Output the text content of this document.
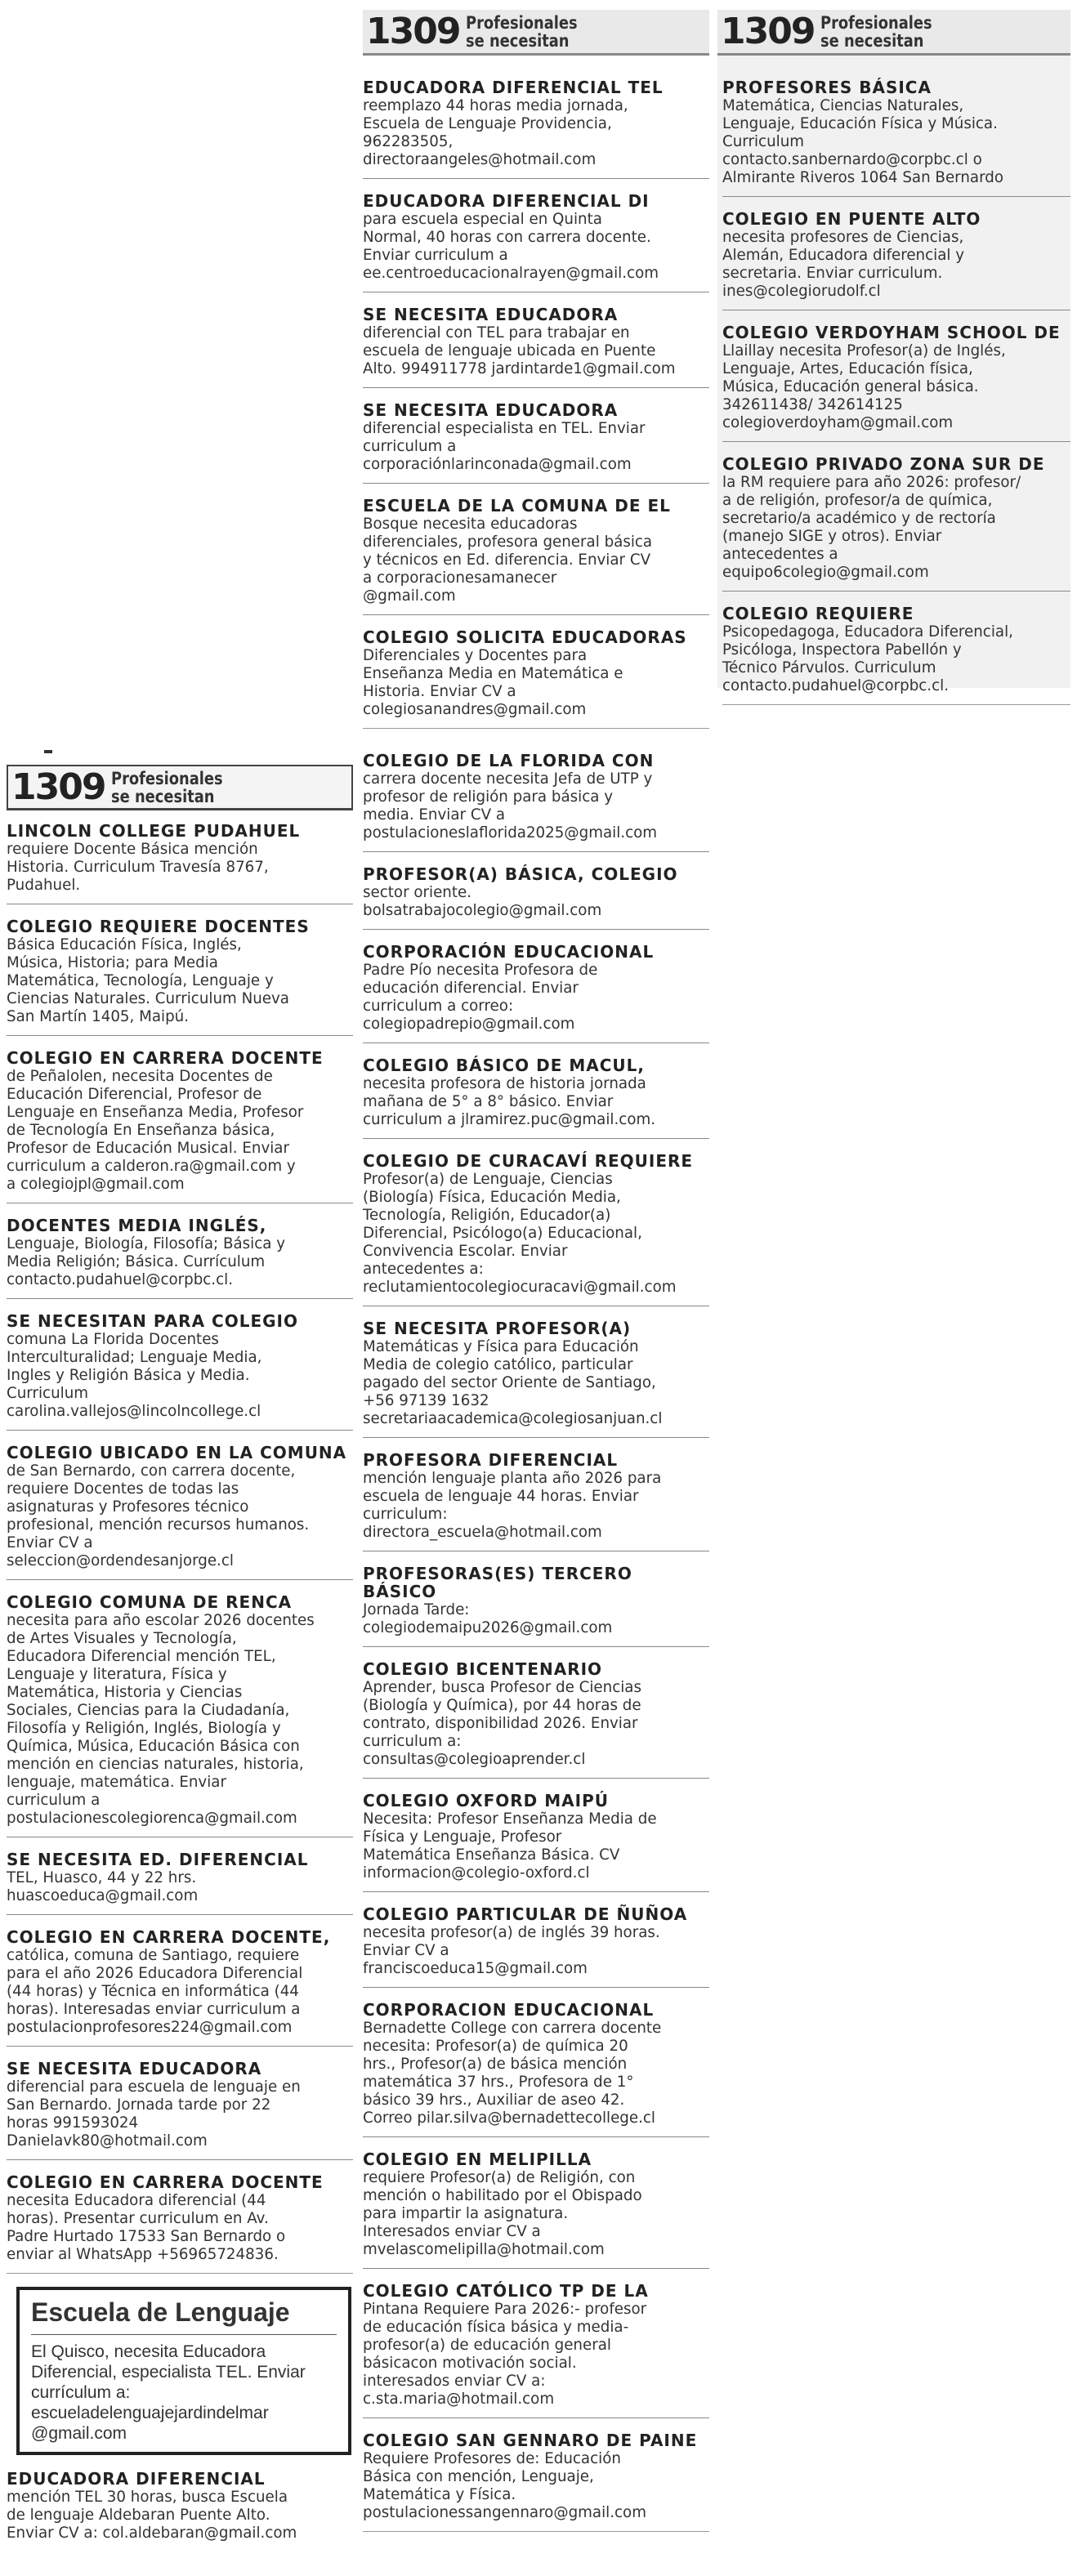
1309 Profesionales
se necesitan
EDUCADORA DIFERENCIAL TEL
reemplazo 44 horas media jornada,
Escuela de Lenguaje Providencia,
962283505,
directoraangeles@hotmail.com
EDUCADORA DIFERENCIAL DI
para escuela especial en Quinta
Normal, 40 horas con carrera docente.
Enviar curriculum a
ee.centroeducacionalrayen@gmail.com
SE NECESITA EDUCADORA
diferencial con TEL para trabajar en
escuela de lenguaje ubicada en Puente
Alto. 994911778 jardintarde1@gmail.com
SE NECESITA EDUCADORA
diferencial especialista en TEL. Enviar
curriculum a
corporaciónlarinconada@gmail.com
ESCUELA DE LA COMUNA DE EL
Bosque necesita educadoras
diferenciales, profesora general básica
y técnicos en Ed. diferencia. Enviar CV
a corporacionesamanecer
@gmail.com
COLEGIO SOLICITA EDUCADORAS
Diferenciales y Docentes para
Enseñanza Media en Matemática e
Historia. Enviar CV a
colegiosanandres@gmail.com
1309 Profesionales
se necesitan
PROFESORES BÁSICA
Matemática, Ciencias Naturales,
Lenguaje, Educación Física y Música.
Curriculum
contacto.sanbernardo@corpbc.cl o
Almirante Riveros 1064 San Bernardo
COLEGIO EN PUENTE ALTO
necesita profesores de Ciencias,
Alemán, Educadora diferencial y
secretaria. Enviar curriculum.
ines@colegiorudolf.cl
COLEGIO VERDOYHAM SCHOOL DE
Llaillay necesita Profesor(a) de Inglés,
Lenguaje, Artes, Educación física,
Música, Educación general básica.
342611438/ 342614125
colegioverdoyham@gmail.com
COLEGIO PRIVADO ZONA SUR DE
la RM requiere para año 2026: profesor/
a de religión, profesor/a de química,
secretario/a académico y de rectoría
(manejo SIGE y otros). Enviar
antecedentes a
equipo6colegio@gmail.com
COLEGIO REQUIERE
Psicopedagoga, Educadora Diferencial,
Psicóloga, Inspectora Pabellón y
Técnico Párvulos. Curriculum
contacto.pudahuel@corpbc.cl.
1309 Profesionales
se necesitan
LINCOLN COLLEGE PUDAHUEL
requiere Docente Básica mención
Historia. Curriculum Travesía 8767,
Pudahuel.
COLEGIO REQUIERE DOCENTES
Básica Educación Física, Inglés,
Música, Historia; para Media
Matemática, Tecnología, Lenguaje y
Ciencias Naturales. Curriculum Nueva
San Martín 1405, Maipú.
COLEGIO EN CARRERA DOCENTE
de Peñalolen, necesita Docentes de
Educación Diferencial, Profesor de
Lenguaje en Enseñanza Media, Profesor
de Tecnología En Enseñanza básica,
Profesor de Educación Musical. Enviar
curriculum a calderon.ra@gmail.com y
a colegiojpl@gmail.com
DOCENTES MEDIA INGLÉS,
Lenguaje, Biología, Filosofía; Básica y
Media Religión; Básica. Currículum
contacto.pudahuel@corpbc.cl.
SE NECESITAN PARA COLEGIO
comuna La Florida Docentes
Interculturalidad; Lenguaje Media,
Ingles y Religión Básica y Media.
Curriculum
carolina.vallejos@lincolncollege.cl
COLEGIO UBICADO EN LA COMUNA
de San Bernardo, con carrera docente,
requiere Docentes de todas las
asignaturas y Profesores técnico
profesional, mención recursos humanos.
Enviar CV a
seleccion@ordendesanjorge.cl
COLEGIO COMUNA DE RENCA
necesita para año escolar 2026 docentes
de Artes Visuales y Tecnología,
Educadora Diferencial mención TEL,
Lenguaje y literatura, Física y
Matemática, Historia y Ciencias
Sociales, Ciencias para la Ciudadanía,
Filosofía y Religión, Inglés, Biología y
Química, Música, Educación Básica con
mención en ciencias naturales, historia,
lenguaje, matemática. Enviar
curriculum a
postulacionescolegiorenca@gmail.com
SE NECESITA ED. DIFERENCIAL
TEL, Huasco, 44 y 22 hrs.
huascoeduca@gmail.com
COLEGIO EN CARRERA DOCENTE,
católica, comuna de Santiago, requiere
para el año 2026 Educadora Diferencial
(44 horas) y Técnica en informática (44
horas). Interesadas enviar curriculum a
postulacionprofesores224@gmail.com
SE NECESITA EDUCADORA
diferencial para escuela de lenguaje en
San Bernardo. Jornada tarde por 22
horas 991593024
Danielavk80@hotmail.com
COLEGIO EN CARRERA DOCENTE
necesita Educadora diferencial (44
horas). Presentar curriculum en Av.
Padre Hurtado 17533 San Bernardo o
enviar al WhatsApp +56965724836.
Escuela de Lenguaje
El Quisco, necesita Educadora
Diferencial, especialista TEL. Enviar
currículum a:
escueladelenguajejardindelmar
@gmail.com
EDUCADORA DIFERENCIAL
mención TEL 30 horas, busca Escuela
de lenguaje Aldebaran Puente Alto.
Enviar CV a: col.aldebaran@gmail.com
COLEGIO DE LA FLORIDA CON
carrera docente necesita Jefa de UTP y
profesor de religión para básica y
media. Enviar CV a
postulacioneslaflorida2025@gmail.com
PROFESOR(A) BÁSICA, COLEGIO
sector oriente.
bolsatrabajocolegio@gmail.com
CORPORACIÓN EDUCACIONAL
Padre Pío necesita Profesora de
educación diferencial. Enviar
curriculum a correo:
colegiopadrepio@gmail.com
COLEGIO BÁSICO DE MACUL,
necesita profesora de historia jornada
mañana de 5° a 8° básico. Enviar
curriculum a jlramirez.puc@gmail.com.
COLEGIO DE CURACAVÍ REQUIERE
Profesor(a) de Lenguaje, Ciencias
(Biología) Física, Educación Media,
Tecnología, Religión, Educador(a)
Diferencial, Psicólogo(a) Educacional,
Convivencia Escolar. Enviar
antecedentes a:
reclutamientocolegiocuracavi@gmail.com
SE NECESITA PROFESOR(A)
Matemáticas y Física para Educación
Media de colegio católico, particular
pagado del sector Oriente de Santiago,
+56 97139 1632
secretariaacademica@colegiosanjuan.cl
PROFESORA DIFERENCIAL
mención lenguaje planta año 2026 para
escuela de lenguaje 44 horas. Enviar
curriculum:
directora_escuela@hotmail.com
PROFESORAS(ES) TERCERO BÁSICO
Jornada Tarde:
colegiodemaipu2026@gmail.com
COLEGIO BICENTENARIO
Aprender, busca Profesor de Ciencias
(Biología y Química), por 44 horas de
contrato, disponibilidad 2026. Enviar
curriculum a:
consultas@colegioaprender.cl
COLEGIO OXFORD MAIPÚ
Necesita: Profesor Enseñanza Media de
Física y Lenguaje, Profesor
Matemática Enseñanza Básica. CV
informacion@colegio-oxford.cl
COLEGIO PARTICULAR DE ÑUÑOA
necesita profesor(a) de inglés 39 horas.
Enviar CV a
franciscoeduca15@gmail.com
CORPORACION EDUCACIONAL
Bernadette College con carrera docente
necesita: Profesor(a) de química 20
hrs., Profesor(a) de básica mención
matemática 37 hrs., Profesora de 1°
básico 39 hrs., Auxiliar de aseo 42.
Correo pilar.silva@bernadettecollege.cl
COLEGIO EN MELIPILLA
requiere Profesor(a) de Religión, con
mención o habilitado por el Obispado
para impartir la asignatura.
Interesados enviar CV a
mvelascomelipilla@hotmail.com
COLEGIO CATÓLICO TP DE LA
Pintana Requiere Para 2026:- profesor
de educación física básica y media-
profesor(a) de educación general
básicacon motivación social.
interesados enviar CV a:
c.sta.maria@hotmail.com
COLEGIO SAN GENNARO DE PAINE
Requiere Profesores de: Educación
Básica con mención, Lenguaje,
Matemática y Física.
postulacionessangennaro@gmail.com
